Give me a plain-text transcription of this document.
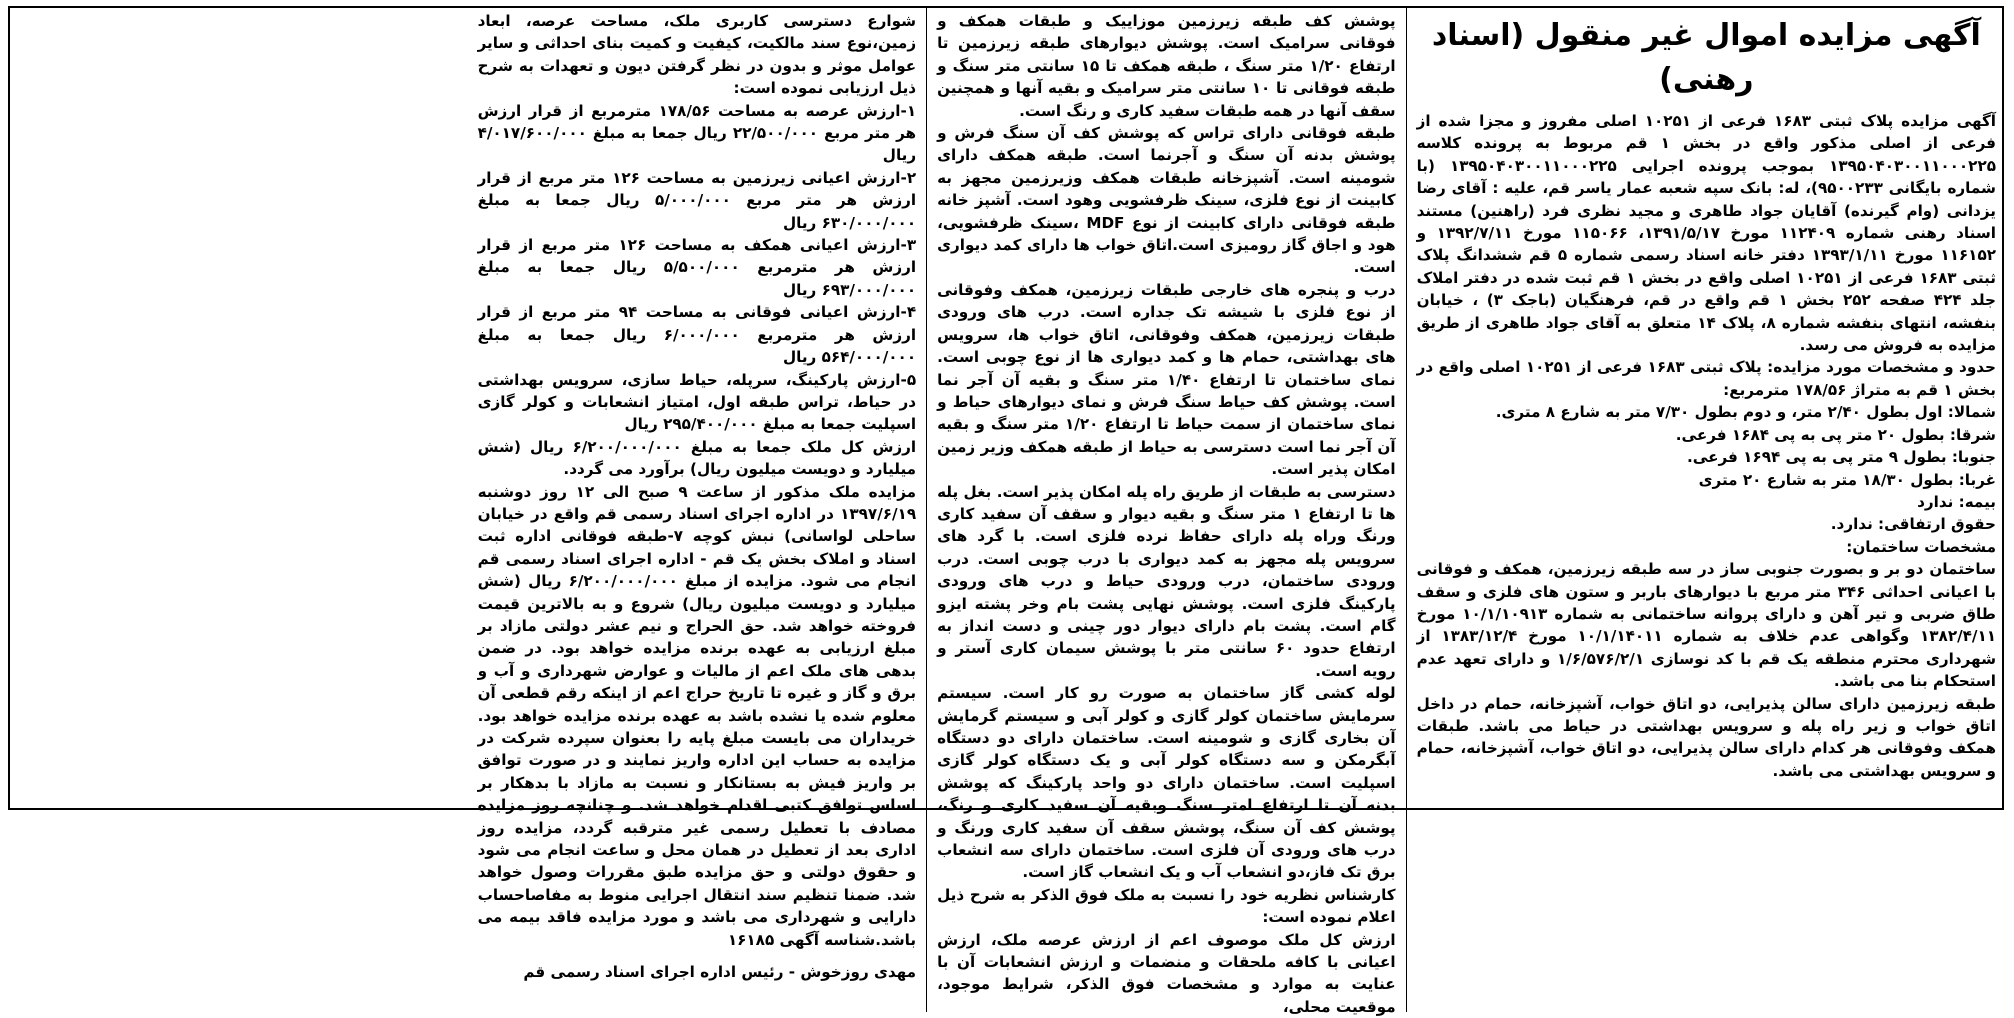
آگهی مزایده اموال غیر منقول (اسناد رهنی)

آگهی مزایده پلاک ثبتی ۱۶۸۳ فرعی از ۱۰۲۵۱ اصلی مفروز و مجزا شده از فرعی از اصلی مذکور واقع در بخش ۱ قم مربوط به پرونده کلاسه ۱۳۹۵۰۴۰۳۰۰۱۱۰۰۰۲۲۵ بموجب پرونده اجرایی ۱۳۹۵۰۴۰۳۰۰۱۱۰۰۰۲۲۵ (با شماره بایگانی ۹۵۰۰۲۳۳)، له: بانک سپه شعبه عمار یاسر قم، علیه : آقای رضا یزدانی (وام گیرنده) آقایان جواد طاهری و مجید نظری فرد (راهنین) مستند اسناد رهنی شماره ۱۱۲۴۰۹ مورخ ۱۳۹۱/۵/۱۷، ۱۱۵۰۶۶ مورخ ۱۳۹۲/۷/۱۱ و ۱۱۶۱۵۲ مورخ ۱۳۹۳/۱/۱۱ دفتر خانه اسناد رسمی شماره ۵ قم ششدانگ پلاک ثبتی ۱۶۸۳ فرعی از ۱۰۲۵۱ اصلی واقع در بخش ۱ قم ثبت شده در دفتر املاک جلد ۴۲۴ صفحه ۲۵۲ بخش ۱ قم واقع در قم، فرهنگیان (باجک ۳) ، خیابان بنفشه، انتهای بنفشه شماره ۸، پلاک ۱۴ متعلق به آقای جواد طاهری از طریق مزایده به فروش می رسد.

حدود و مشخصات مورد مزایده: پلاک ثبتی ۱۶۸۳ فرعی از ۱۰۲۵۱ اصلی واقع در بخش ۱ قم به متراژ ۱۷۸/۵۶ مترمربع:

شمالا: اول بطول ۲/۴۰ متر، و دوم بطول ۷/۳۰ متر به شارع ۸ متری.

شرقا: بطول ۲۰ متر پی به پی ۱۶۸۴ فرعی.

جنوبا: بطول ۹ متر پی به پی ۱۶۹۴ فرعی.

غربا: بطول ۱۸/۳۰ متر به شارع ۲۰ متری

بیمه: ندارد

حقوق ارتفاقی: ندارد.

مشخصات ساختمان:

ساختمان دو بر و بصورت جنوبی ساز در سه طبقه زیرزمین، همکف و فوقانی با اعیانی احداثی ۳۴۶ متر مربع با دیوارهای باربر و ستون های فلزی و سقف طاق ضربی و تیر آهن و دارای پروانه ساختمانی به شماره ۱۰/۱/۱۰۹۱۳ مورخ ۱۳۸۲/۴/۱۱ وگواهی عدم خلاف به شماره ۱۰/۱/۱۴۰۱۱ مورخ ۱۳۸۳/۱۲/۴ از شهرداری محترم منطقه یک قم با کد نوسازی ۱/۶/۵۷۶/۲/۱ و دارای تعهد عدم استحکام بنا می باشد.

طبقه زیرزمین دارای سالن پذیرایی، دو اتاق خواب، آشپزخانه، حمام در داخل اتاق خواب و زیر راه پله و سرویس بهداشتی در حیاط می باشد. طبقات همکف وفوقانی هر کدام دارای سالن پذیرایی، دو اتاق خواب، آشپزخانه، حمام و سرویس بهداشتی می باشد.

پوشش کف طبقه زیرزمین موزاییک و طبقات همکف و فوقانی سرامیک است. پوشش دیوارهای طبقه زیرزمین تا ارتفاع ۱/۲۰ متر سنگ ، طبقه همکف تا ۱۵ سانتی متر سنگ و طبقه فوقانی تا ۱۰ سانتی متر سرامیک و بقیه آنها و همچنین سقف آنها در همه طبقات سفید کاری و رنگ است.

طبقه فوقانی دارای تراس که پوشش کف آن سنگ فرش و پوشش بدنه آن سنگ و آجرنما است. طبقه همکف دارای شومینه است. آشپزخانه طبقات همکف وزیرزمین مجهز به کابینت از نوع فلزی، سینک ظرفشویی وهود است. آشپز خانه طبقه فوقانی دارای کابینت از نوع MDF ،سینک ظرفشویی، هود و اجاق گاز رومیزی است.اتاق خواب ها دارای کمد دیواری است.

درب و پنجره های خارجی طبقات زیرزمین، همکف وفوقانی از نوع فلزی با شیشه تک جداره است. درب های ورودی طبقات زیرزمین، همکف وفوقانی، اتاق خواب ها، سرویس های بهداشتی، حمام ها و کمد دیواری ها از نوع چوبی است. نمای ساختمان تا ارتفاع ۱/۴۰ متر سنگ و بقیه آن آجر نما است. پوشش کف حیاط سنگ فرش و نمای دیوارهای حیاط و نمای ساختمان از سمت حیاط تا ارتفاع ۱/۲۰ متر سنگ و بقیه آن آجر نما است دسترسی به حیاط از طبقه همکف وزیر زمین امکان پذیر است.

دسترسی به طبقات از طریق راه پله امکان پذیر است. بغل پله ها تا ارتفاع ۱ متر سنگ و بقیه دیوار و سقف آن سفید کاری ورنگ وراه پله دارای حفاظ نرده فلزی است. با گرد های سرویس پله مجهز به کمد دیواری با درب چوبی است. درب ورودی ساختمان، درب ورودی حیاط و درب های ورودی پارکینگ فلزی است. پوشش نهایی پشت بام وخر پشته ایزو گام است. پشت بام دارای دیوار دور چینی و دست انداز به ارتفاع حدود ۶۰ سانتی متر با پوشش سیمان کاری آستر و رویه است.

لوله کشی گاز ساختمان به صورت رو کار است. سیستم سرمایش ساختمان کولر گازی و کولر آبی و سیستم گرمایش آن بخاری گازی و شومینه است. ساختمان دارای دو دستگاه آبگرمکن و سه دستگاه کولر آبی و یک دستگاه کولر گازی اسپلیت است. ساختمان دارای دو واحد پارکینگ که پوشش بدنه آن تا ارتفاع امتر سنگ وبقیه آن سفید کاری و رنگ، پوشش کف آن سنگ، پوشش سقف آن سفید کاری ورنگ و درب های ورودی آن فلزی است. ساختمان دارای سه انشعاب برق تک فاز،دو انشعاب آب و یک انشعاب گاز است.

کارشناس نظریه خود را نسبت به ملک فوق الذکر به شرح ذیل اعلام نموده است:

ارزش کل ملک موصوف اعم از ارزش عرصه ملک، ارزش اعیانی با کافه ملحقات و منضمات و ارزش انشعابات آن با عنایت به موارد و مشخصات فوق الذکر، شرایط موجود، موقعیت محلی،

شوارع دسترسی کاربری ملک، مساحت عرصه، ابعاد زمین،نوع سند مالکیت، کیفیت و کمیت بنای احداثی و سایر عوامل موثر و بدون در نظر گرفتن دیون و تعهدات به شرح ذیل ارزیابی نموده است:

۱-ارزش عرصه به مساحت ۱۷۸/۵۶ مترمربع از قرار ارزش هر متر مربع ۲۲/۵۰۰/۰۰۰ ریال جمعا به مبلغ ۴/۰۱۷/۶۰۰/۰۰۰ ریال

۲-ارزش اعیانی زیرزمین به مساحت ۱۲۶ متر مربع از قرار ارزش هر متر مربع ۵/۰۰۰/۰۰۰ ریال جمعا به مبلغ ۶۳۰/۰۰۰/۰۰۰ ریال

۳-ارزش اعیانی همکف به مساحت ۱۲۶ متر مربع از قرار ارزش هر مترمربع ۵/۵۰۰/۰۰۰ ریال جمعا به مبلغ ۶۹۳/۰۰۰/۰۰۰ ریال

۴-ارزش اعیانی فوقانی به مساحت ۹۴ متر مربع از قرار ارزش هر مترمربع ۶/۰۰۰/۰۰۰ ریال جمعا به مبلغ ۵۶۴/۰۰۰/۰۰۰ ریال

۵-ارزش پارکینگ، سرپله، حیاط سازی، سرویس بهداشتی در حیاط، تراس طبقه اول، امتیاز انشعابات و کولر گازی اسپلیت جمعا به مبلغ ۲۹۵/۴۰۰/۰۰۰ ریال

ارزش کل ملک جمعا به مبلغ ۶/۲۰۰/۰۰۰/۰۰۰ ریال (شش میلیارد و دویست میلیون ریال) برآورد می گردد.

مزایده ملک مذکور از ساعت ۹ صبح الی ۱۲ روز دوشنبه ۱۳۹۷/۶/۱۹ در اداره اجرای اسناد رسمی قم واقع در خیابان ساحلی لواسانی) نبش کوچه ۷-طبقه فوقانی اداره ثبت اسناد و املاک بخش یک قم - اداره اجرای اسناد رسمی قم انجام می شود. مزایده از مبلغ ۶/۲۰۰/۰۰۰/۰۰۰ ریال (شش میلیارد و دویست میلیون ریال) شروع و به بالاترین قیمت فروخته خواهد شد. حق الحراج و نیم عشر دولتی مازاد بر مبلغ ارزیابی به عهده برنده مزایده خواهد بود. در ضمن بدهی های ملک اعم از مالیات و عوارض شهرداری و آب و برق و گاز و غیره تا تاریخ حراج اعم از اینکه رقم قطعی آن معلوم شده یا نشده باشد به عهده برنده مزایده خواهد بود. خریداران می بایست مبلغ پایه را بعنوان سپرده شرکت در مزایده به حساب این اداره واریز نمایند و در صورت توافق بر واریز فیش به بستانکار و نسبت به مازاد با بدهکار بر اساس توافق کتبی اقدام خواهد شد. و چنانچه روز مزایده مصادف با تعطیل رسمی غیر مترقبه گردد، مزایده روز اداری بعد از تعطیل در همان محل و ساعت انجام می شود و حقوق دولتی و حق مزایده طبق مقررات وصول خواهد شد. ضمنا تنظیم سند انتقال اجرایی منوط به مفاصاحساب دارایی و شهرداری می باشد و مورد مزایده فاقد بیمه می باشد.شناسه آگهی ۱۶۱۸۵

مهدی روزخوش - رئیس اداره اجرای اسناد رسمی قم
